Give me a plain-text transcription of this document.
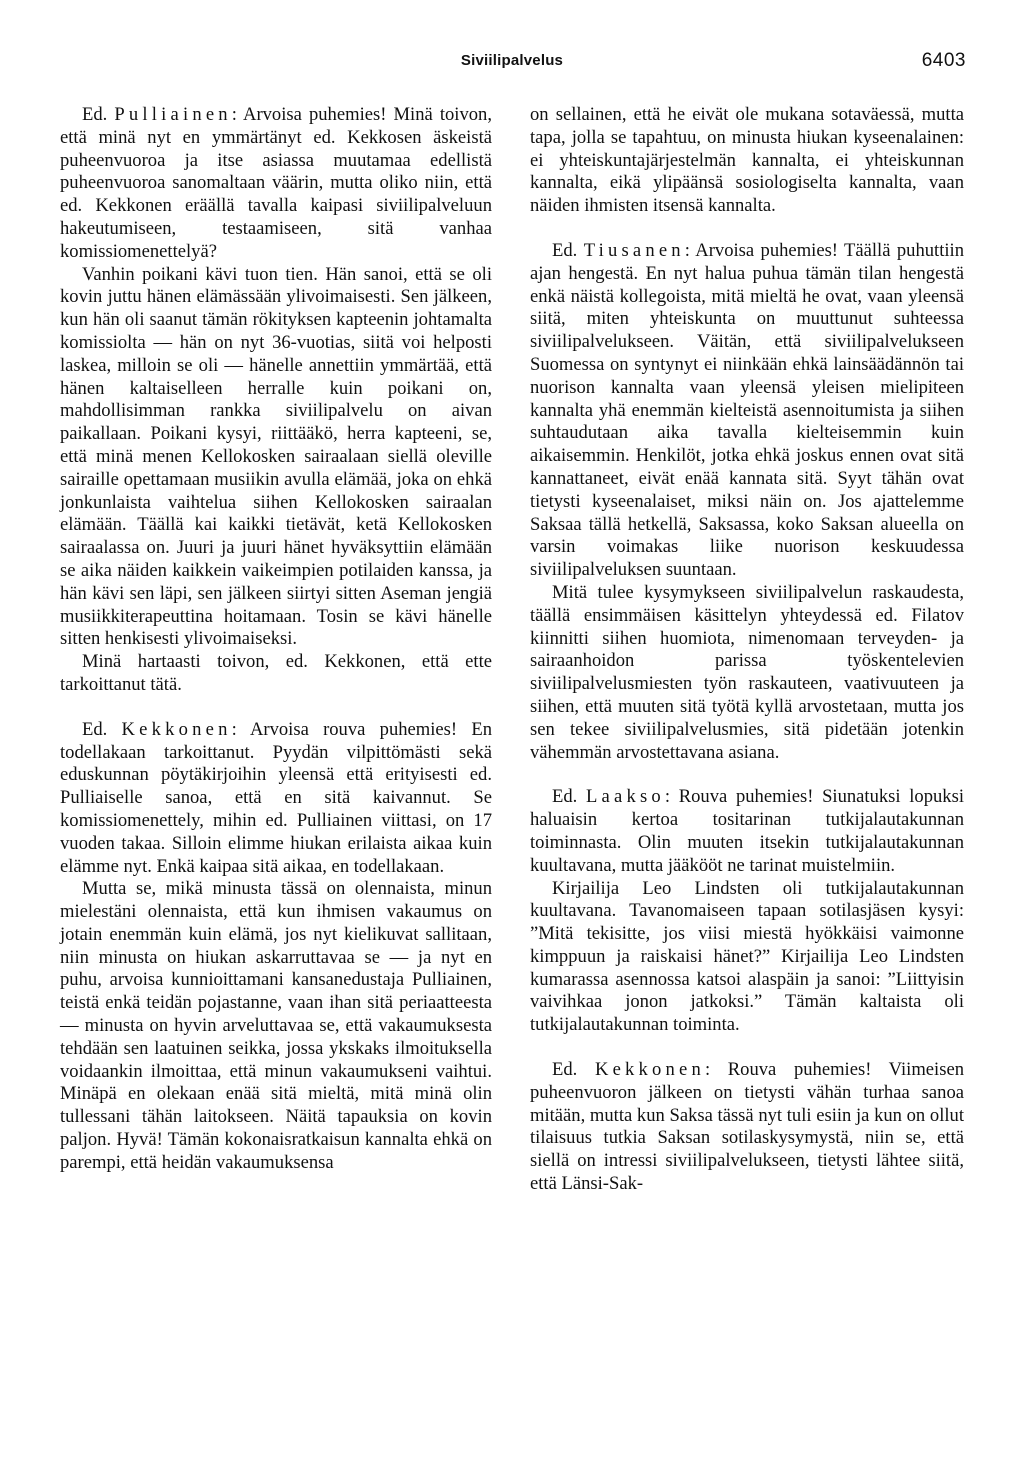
Siviilipalvelus	6403

Ed. Pulliainen: Arvoisa puhemies! Minä toivon, että minä nyt en ymmärtänyt ed. Kekkosen äskeistä puheenvuoroa ja itse asiassa muutamaa edellistä puheenvuoroa sanomaltaan väärin, mutta oliko niin, että ed. Kekkonen eräällä tavalla kaipasi siviilipalveluun hakeutumiseen, testaamiseen, sitä vanhaa komissiomenettelyä?

Vanhin poikani kävi tuon tien. Hän sanoi, että se oli kovin juttu hänen elämässään ylivoimaisesti. Sen jälkeen, kun hän oli saanut tämän rökityksen kapteenin johtamalta komissiolta — hän on nyt 36-vuotias, siitä voi helposti laskea, milloin se oli — hänelle annettiin ymmärtää, että hänen kaltaiselleen herralle kuin poikani on, mahdollisimman rankka siviilipalvelu on aivan paikallaan. Poikani kysyi, riittääkö, herra kapteeni, se, että minä menen Kellokosken sairaalaan siellä oleville sairaille opettamaan musiikin avulla elämää, joka on ehkä jonkunlaista vaihtelua siihen Kellokosken sairaalan elämään. Täällä kai kaikki tietävät, ketä Kellokosken sairaalassa on. Juuri ja juuri hänet hyväksyttiin elämään se aika näiden kaikkein vaikeimpien potilaiden kanssa, ja hän kävi sen läpi, sen jälkeen siirtyi sitten Aseman jengiä musiikkiterapeuttina hoitamaan. Tosin se kävi hänelle sitten henkisesti ylivoimaiseksi.

Minä hartaasti toivon, ed. Kekkonen, että ette tarkoittanut tätä.

Ed. Kekkonen: Arvoisa rouva puhemies! En todellakaan tarkoittanut. Pyydän vilpittömästi sekä eduskunnan pöytäkirjoihin yleensä että erityisesti ed. Pulliaiselle sanoa, että en sitä kaivannut. Se komissiomenettely, mihin ed. Pulliainen viittasi, on 17 vuoden takaa. Silloin elimme hiukan erilaista aikaa kuin elämme nyt. Enkä kaipaa sitä aikaa, en todellakaan.

Mutta se, mikä minusta tässä on olennaista, minun mielestäni olennaista, että kun ihmisen vakaumus on jotain enemmän kuin elämä, jos nyt kielikuvat sallitaan, niin minusta on hiukan askarruttavaa se — ja nyt en puhu, arvoisa kunnioittamani kansanedustaja Pulliainen, teistä enkä teidän pojastanne, vaan ihan sitä periaatteesta — minusta on hyvin arveluttavaa se, että vakaumuksesta tehdään sen laatuinen seikka, jossa ykskaks ilmoituksella voidaankin ilmoittaa, että minun vakaumukseni vaihtui. Minäpä en olekaan enää sitä mieltä, mitä minä olin tullessani tähän laitokseen. Näitä tapauksia on kovin paljon. Hyvä! Tämän kokonaisratkaisun kannalta ehkä on parempi, että heidän vakaumuksensa

on sellainen, että he eivät ole mukana sotaväessä, mutta tapa, jolla se tapahtuu, on minusta hiukan kyseenalainen: ei yhteiskuntajärjestelmän kannalta, ei yhteiskunnan kannalta, eikä ylipäänsä sosiologiselta kannalta, vaan näiden ihmisten itsensä kannalta.

Ed. Tiusanen: Arvoisa puhemies! Täällä puhuttiin ajan hengestä. En nyt halua puhua tämän tilan hengestä enkä näistä kollegoista, mitä mieltä he ovat, vaan yleensä siitä, miten yhteiskunta on muuttunut suhteessa siviilipalvelukseen. Väitän, että siviilipalvelukseen Suomessa on syntynyt ei niinkään ehkä lainsäädännön tai nuorison kannalta vaan yleensä yleisen mielipiteen kannalta yhä enemmän kielteistä asennoitumista ja siihen suhtaudutaan aika tavalla kielteisemmin kuin aikaisemmin. Henkilöt, jotka ehkä joskus ennen ovat sitä kannattaneet, eivät enää kannata sitä. Syyt tähän ovat tietysti kyseenalaiset, miksi näin on. Jos ajattelemme Saksaa tällä hetkellä, Saksassa, koko Saksan alueella on varsin voimakas liike nuorison keskuudessa siviilipalveluksen suuntaan.

Mitä tulee kysymykseen siviilipalvelun raskaudesta, täällä ensimmäisen käsittelyn yhteydessä ed. Filatov kiinnitti siihen huomiota, nimenomaan terveyden- ja sairaanhoidon parissa työskentelevien siviilipalvelusmiesten työn raskauteen, vaativuuteen ja siihen, että muuten sitä työtä kyllä arvostetaan, mutta jos sen tekee siviilipalvelusmies, sitä pidetään jotenkin vähemmän arvostettavana asiana.

Ed. Laakso: Rouva puhemies! Siunatuksi lopuksi haluaisin kertoa tositarinan tutkijalautakunnan toiminnasta. Olin muuten itsekin tutkijalautakunnan kuultavana, mutta jääkööt ne tarinat muistelmiin.

Kirjailija Leo Lindsten oli tutkijalautakunnan kuultavana. Tavanomaiseen tapaan sotilasjäsen kysyi: ”Mitä tekisitte, jos viisi miestä hyökkäisi vaimonne kimppuun ja raiskaisi hänet?” Kirjailija Leo Lindsten kumarassa asennossa katsoi alaspäin ja sanoi: ”Liittyisin vaivihkaa jonon jatkoksi.” Tämän kaltaista oli tutkijalautakunnan toiminta.

Ed. Kekkonen: Rouva puhemies! Viimeisen puheenvuoron jälkeen on tietysti vähän turhaa sanoa mitään, mutta kun Saksa tässä nyt tuli esiin ja kun on ollut tilaisuus tutkia Saksan sotilaskysymystä, niin se, että siellä on intressi siviilipalvelukseen, tietysti lähtee siitä, että Länsi-Sak-
